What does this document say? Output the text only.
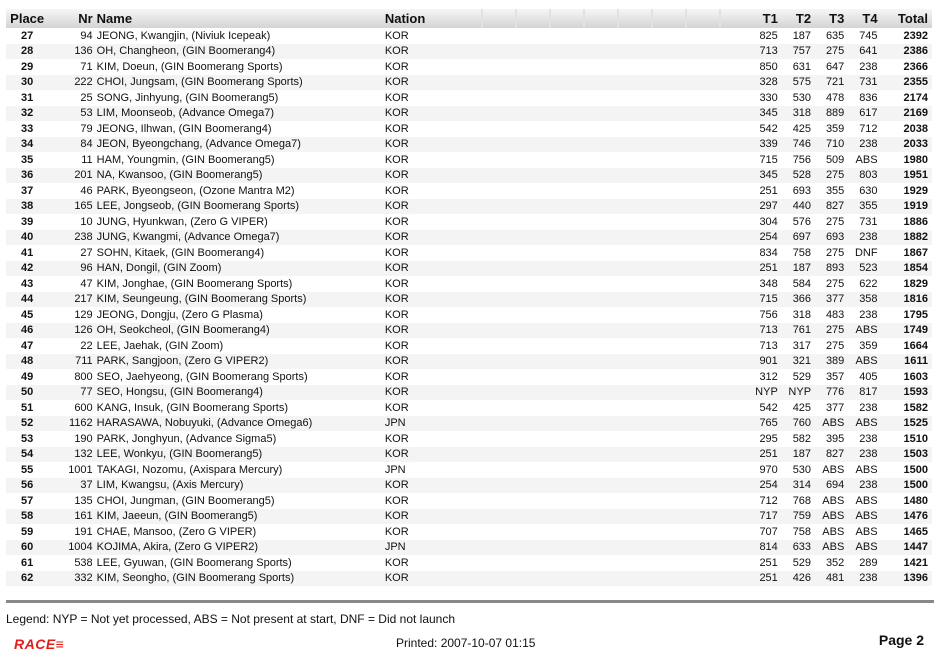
Place	Nr	Name	Nation		T1	T2	T3	T4	Total
27	94	JEONG, Kwangjin, (Niviuk Icepeak)	KOR		825	187	635	745	2392
28	136	OH, Changheon, (GIN Boomerang4)	KOR		713	757	275	641	2386
29	71	KIM, Doeun, (GIN Boomerang Sports)	KOR		850	631	647	238	2366
30	222	CHOI, Jungsam, (GIN Boomerang Sports)	KOR		328	575	721	731	2355
31	25	SONG, Jinhyung, (GIN Boomerang5)	KOR		330	530	478	836	2174
32	53	LIM, Moonseob, (Advance Omega7)	KOR		345	318	889	617	2169
33	79	JEONG, Ilhwan, (GIN Boomerang4)	KOR		542	425	359	712	2038
34	84	JEON, Byeongchang, (Advance Omega7)	KOR		339	746	710	238	2033
35	11	HAM, Youngmin, (GIN Boomerang5)	KOR		715	756	509	ABS	1980
36	201	NA, Kwansoo, (GIN Boomerang5)	KOR		345	528	275	803	1951
37	46	PARK, Byeongseon, (Ozone Mantra M2)	KOR		251	693	355	630	1929
38	165	LEE, Jongseob, (GIN Boomerang Sports)	KOR		297	440	827	355	1919
39	10	JUNG, Hyunkwan, (Zero G VIPER)	KOR		304	576	275	731	1886
40	238	JUNG, Kwangmi, (Advance Omega7)	KOR		254	697	693	238	1882
41	27	SOHN, Kitaek, (GIN Boomerang4)	KOR		834	758	275	DNF	1867
42	96	HAN, Dongil, (GIN Zoom)	KOR		251	187	893	523	1854
43	47	KIM, Jonghae, (GIN Boomerang Sports)	KOR		348	584	275	622	1829
44	217	KIM, Seungeung, (GIN Boomerang Sports)	KOR		715	366	377	358	1816
45	129	JEONG, Dongju, (Zero G Plasma)	KOR		756	318	483	238	1795
46	126	OH, Seokcheol, (GIN Boomerang4)	KOR		713	761	275	ABS	1749
47	22	LEE, Jaehak, (GIN Zoom)	KOR		713	317	275	359	1664
48	711	PARK, Sangjoon, (Zero G VIPER2)	KOR		901	321	389	ABS	1611
49	800	SEO, Jaehyeong, (GIN Boomerang Sports)	KOR		312	529	357	405	1603
50	77	SEO, Hongsu, (GIN Boomerang4)	KOR		NYP	NYP	776	817	1593
51	600	KANG, Insuk, (GIN Boomerang Sports)	KOR		542	425	377	238	1582
52	1162	HARASAWA, Nobuyuki, (Advance Omega6)	JPN		765	760	ABS	ABS	1525
53	190	PARK, Jonghyun, (Advance Sigma5)	KOR		295	582	395	238	1510
54	132	LEE, Wonkyu, (GIN Boomerang5)	KOR		251	187	827	238	1503
55	1001	TAKAGI, Nozomu, (Axispara Mercury)	JPN		970	530	ABS	ABS	1500
56	37	LIM, Kwangsu, (Axis Mercury)	KOR		254	314	694	238	1500
57	135	CHOI, Jungman, (GIN Boomerang5)	KOR		712	768	ABS	ABS	1480
58	161	KIM, Jaeeun, (GIN Boomerang5)	KOR		717	759	ABS	ABS	1476
59	191	CHAE, Mansoo, (Zero G VIPER)	KOR		707	758	ABS	ABS	1465
60	1004	KOJIMA, Akira, (Zero G VIPER2)	JPN		814	633	ABS	ABS	1447
61	538	LEE, Gyuwan, (GIN Boomerang Sports)	KOR		251	529	352	289	1421
62	332	KIM, Seongho, (GIN Boomerang Sports)	KOR		251	426	481	238	1396
Legend: NYP = Not yet processed, ABS = Not present at start, DNF = Did not launch
RACE≡	Printed: 2007-10-07 01:15	Page 2
